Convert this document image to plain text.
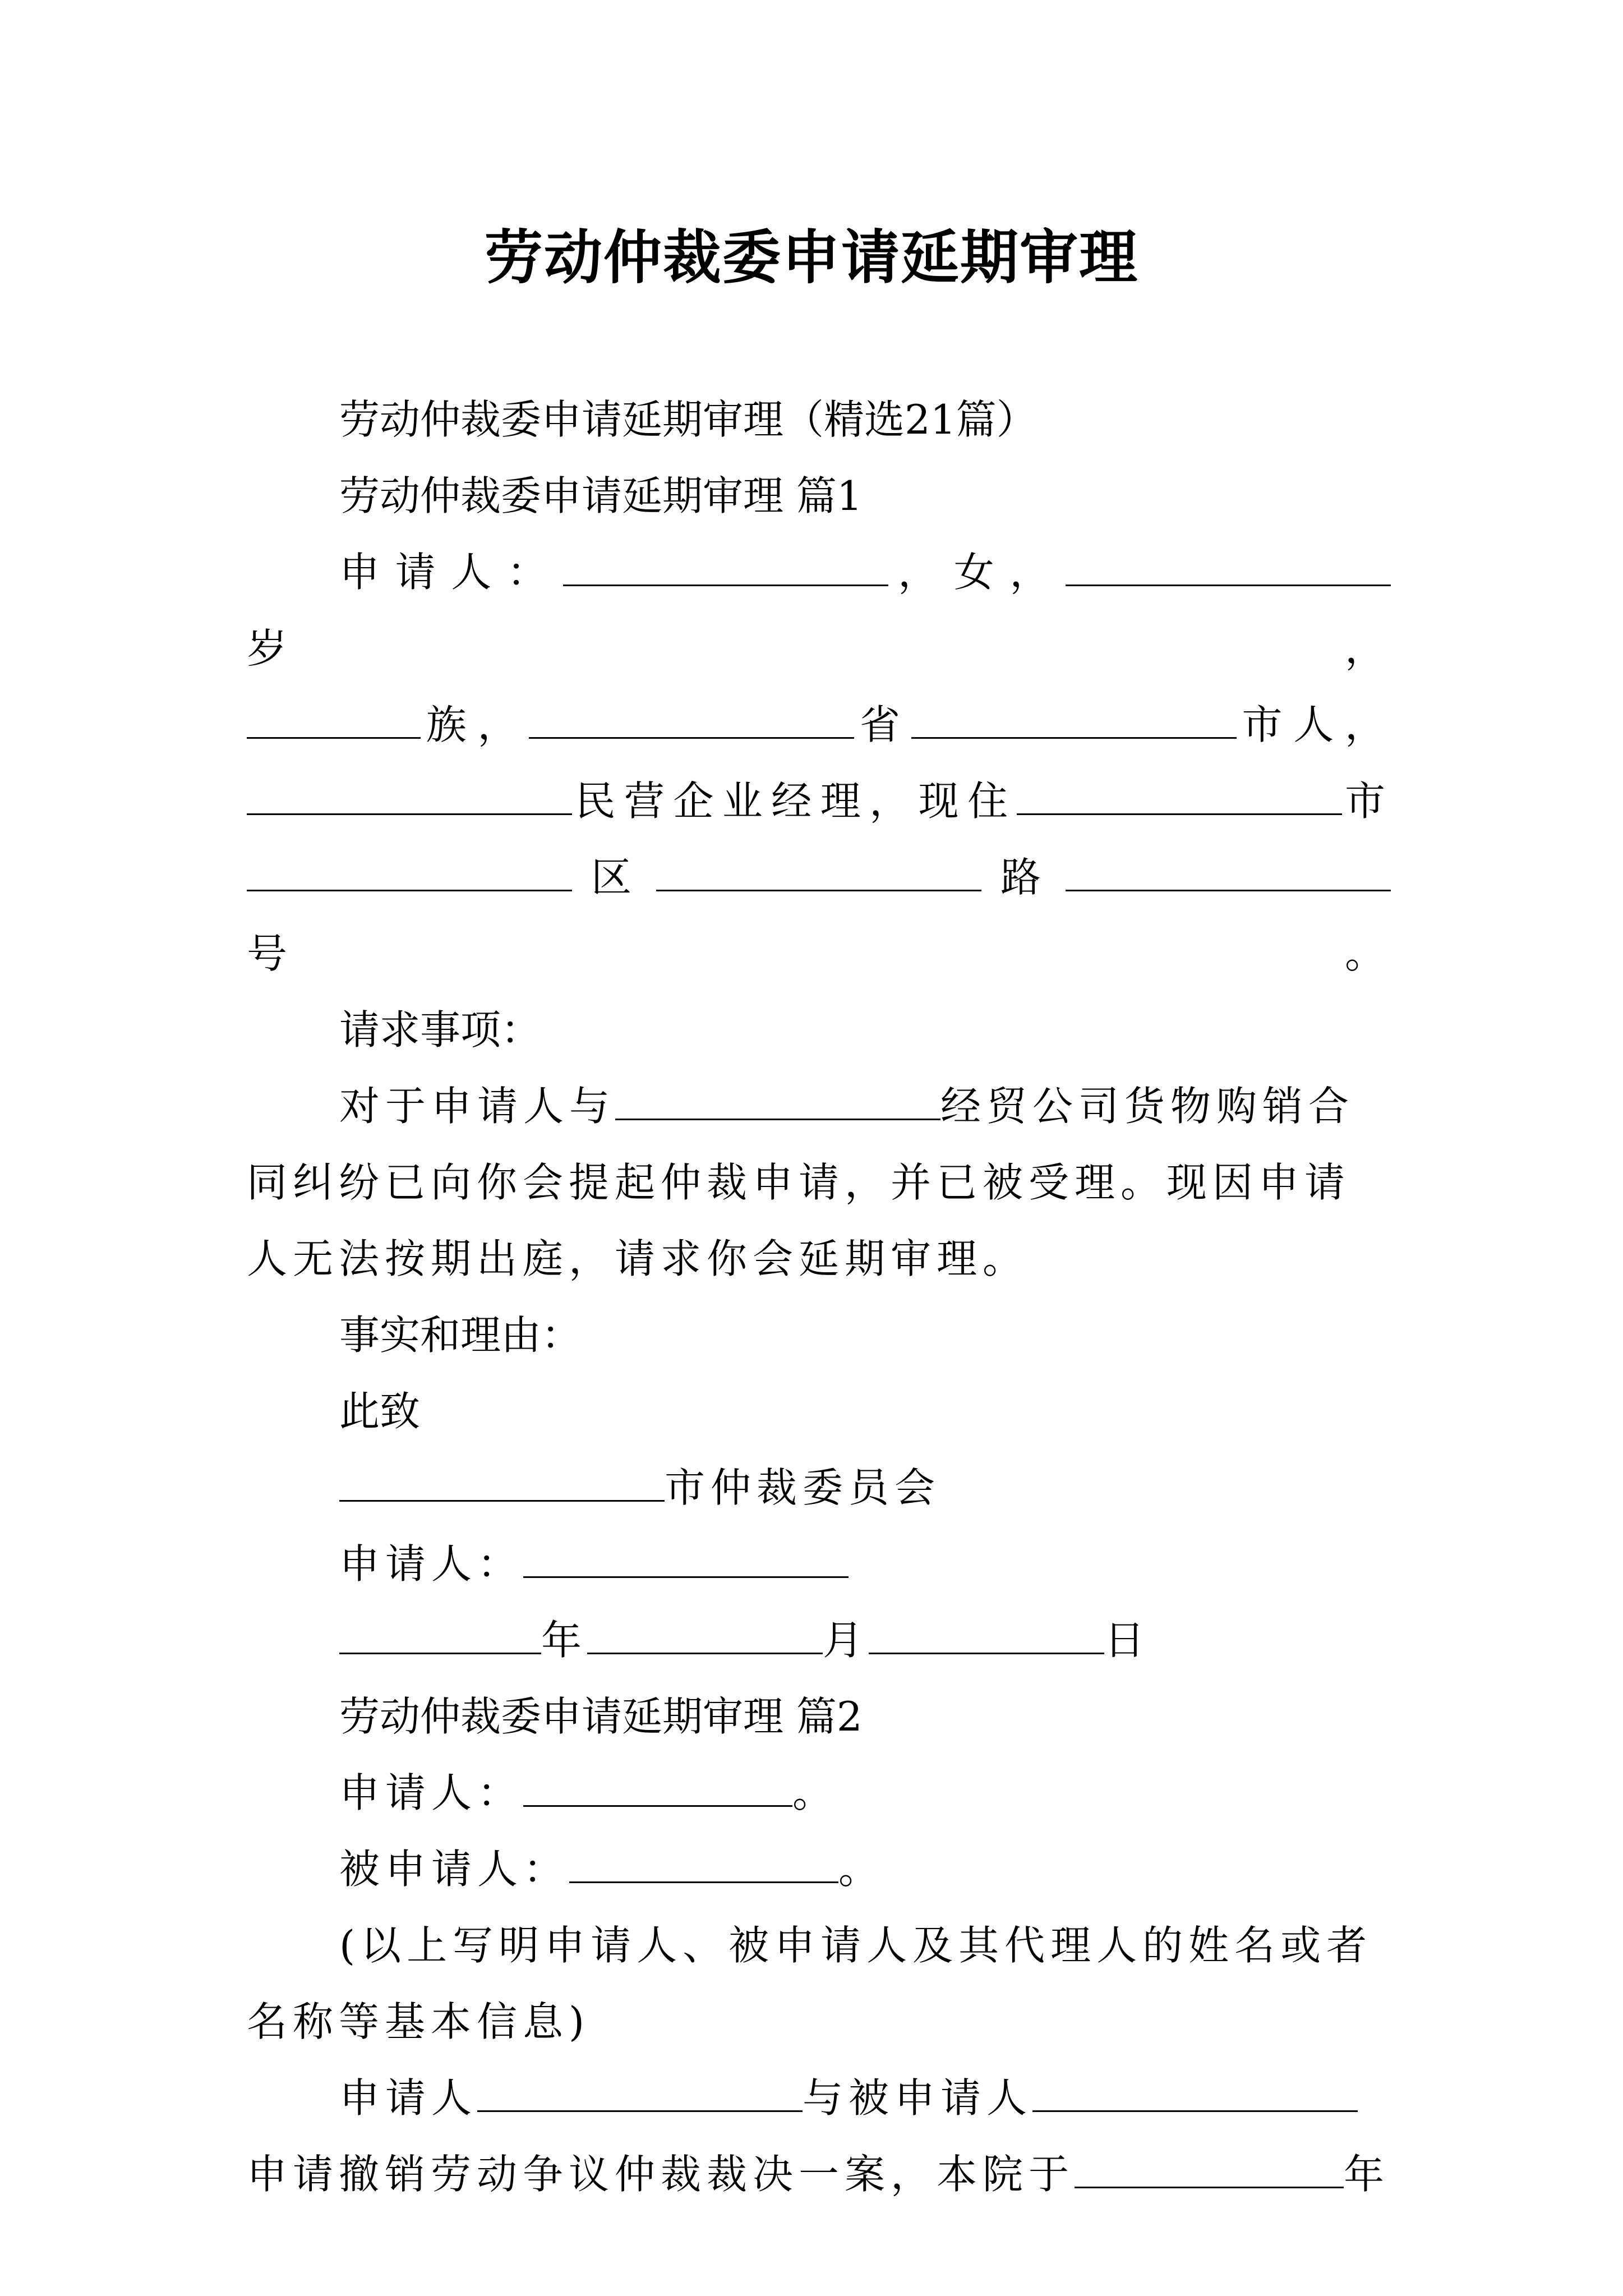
劳动仲裁委申请延期审理

劳动仲裁委申请延期审理（精选21篇）

劳动仲裁委申请延期审理 篇1

申请人：	，女，岁，

族，	省	市人，

民营企业经理，现住	市

区	路号。

请求事项：

对于申请人与	经贸公司货物购销合同纠纷已向你会提起仲裁申请，并已被受理。现因申请人无法按期出庭，请求你会延期审理。

事实和理由：

此致

市仲裁委员会

申请人：

年	月	日

劳动仲裁委申请延期审理 篇2

申请人：	。

被申请人：	。

(以上写明申请人、被申请人及其代理人的姓名或者名称等基本信息)

申请人	与被申请人申请撤销劳动争议仲裁裁决一案，本院于	年
